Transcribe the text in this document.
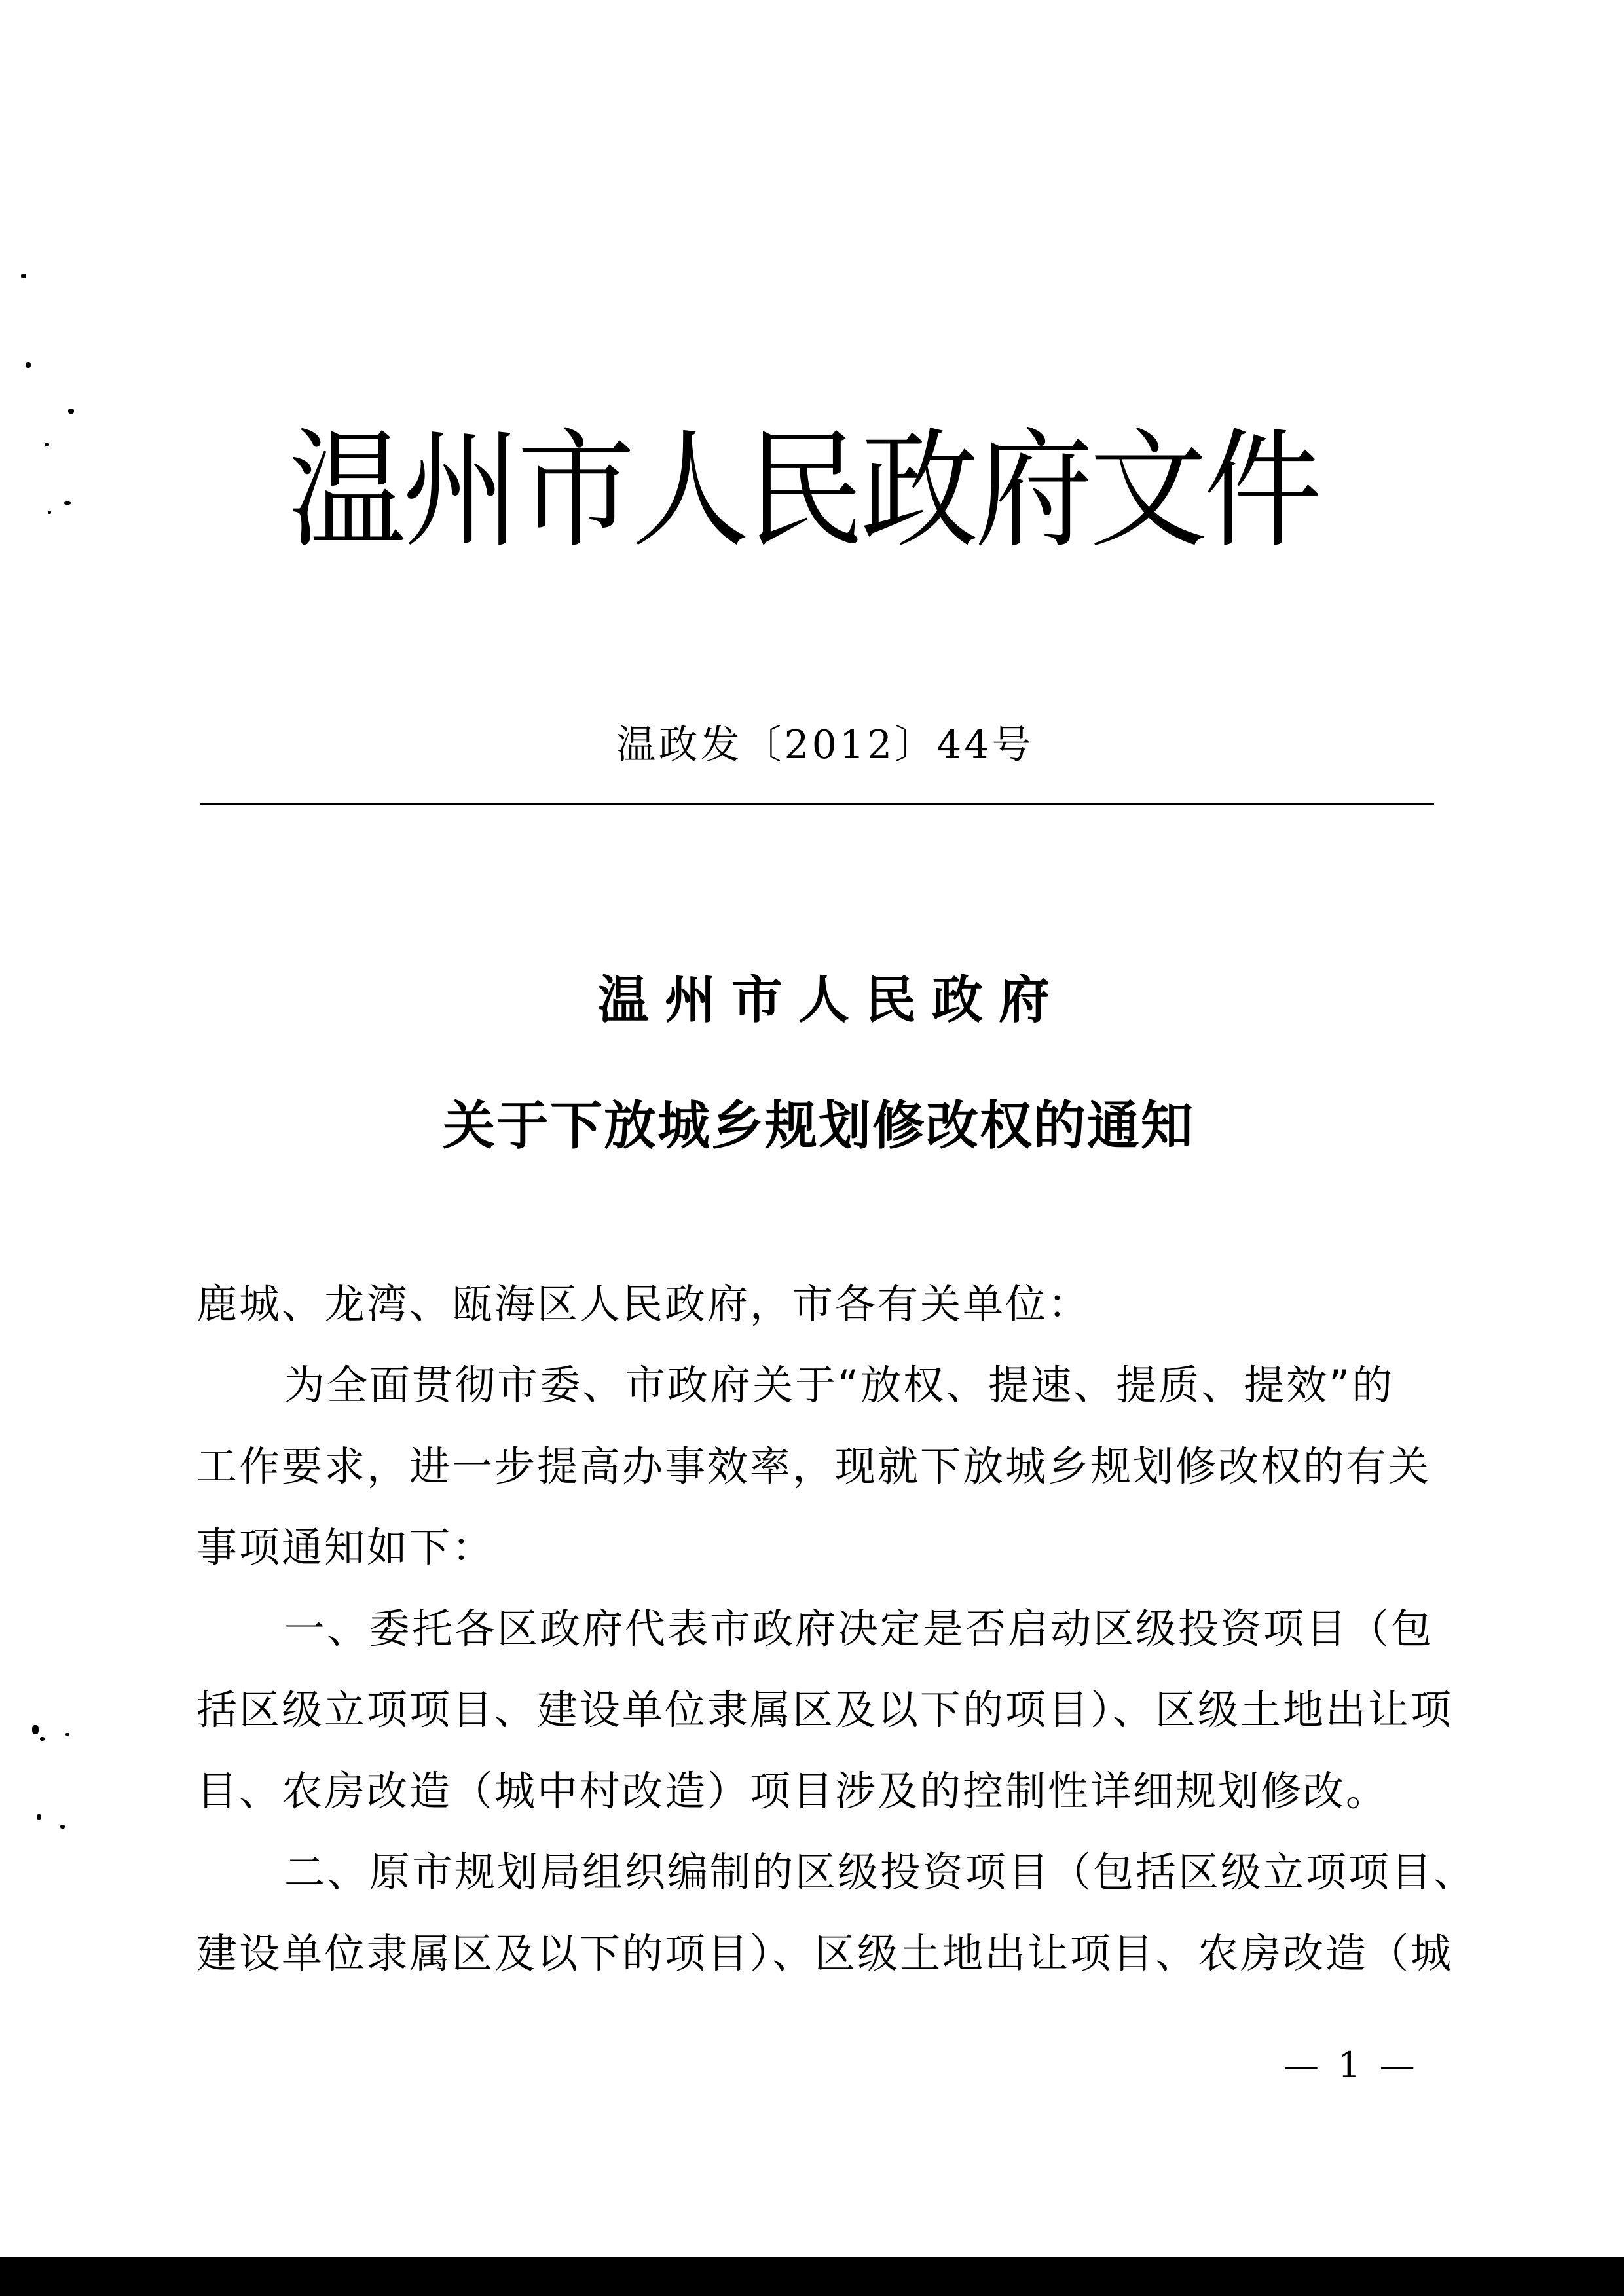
温州市人民政府文件
温政发〔2012〕44号
温州市人民政府
关于下放城乡规划修改权的通知

鹿城、龙湾、瓯海区人民政府，市各有关单位：

为全面贯彻市委、市政府关于“放权、提速、提质、提效”的
工作要求，进一步提高办事效率，现就下放城乡规划修改权的有关
事项通知如下：

一、委托各区政府代表市政府决定是否启动区级投资项目（包
括区级立项项目、建设单位隶属区及以下的项目）、区级土地出让项
目、农房改造（城中村改造）项目涉及的控制性详细规划修改。

二、原市规划局组织编制的区级投资项目（包括区级立项项目、
建设单位隶属区及以下的项目）、区级土地出让项目、农房改造（城

— 1 —
